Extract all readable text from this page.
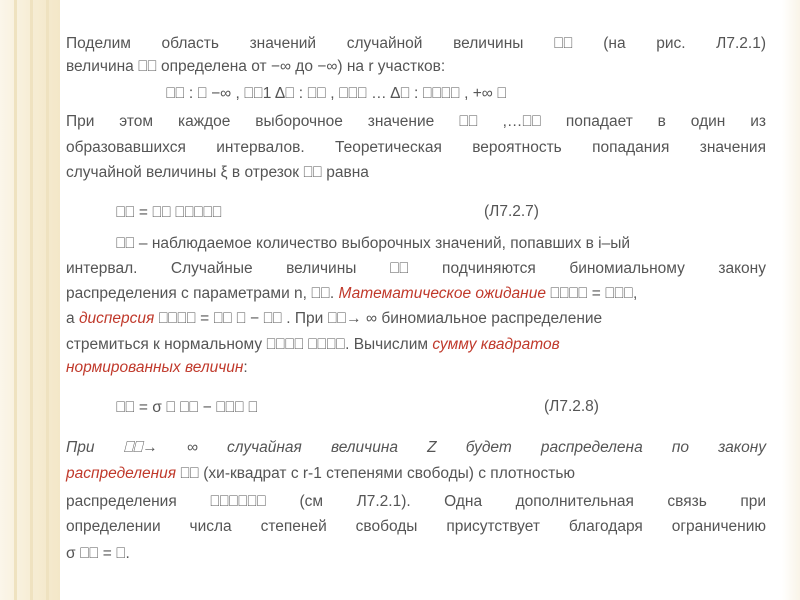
Поделим область значений случайной величины ⎕⎕ (на рис. Л7.2.1)
величина ⎕⎕ определена от −∞ до −∞) на r участков:
⎕⎕ : ⎕ −∞ , ⎕⎕1 Δ⎕ : ⎕⎕ , ⎕⎕⎕ … Δ⎕ : ⎕⎕⎕⎕ , +∞ ⎕
При этом каждое выборочное значение ⎕⎕ ,…⎕⎕ попадает в один из
образовавшихся интервалов. Теоретическая вероятность попадания значения
случайной величины ξ в отрезок ⎕⎕ равна
⎕⎕ = ⎕⎕ ⎕⎕⎕⎕⎕	(Л7.2.7)
⎕⎕ – наблюдаемое количество выборочных значений, попавших в i–ый
интервал. Случайные величины ⎕⎕ подчиняются биномиальному закону
распределения с параметрами n, ⎕⎕. Математическое ожидание ⎕⎕⎕⎕ = ⎕⎕⎕,
а дисперсия ⎕⎕⎕⎕ = ⎕⎕ ⎕ − ⎕⎕ . При ⎕⎕→ ∞ биномиальное распределение
стремиться к нормальному ⎕⎕⎕⎕ ⎕⎕⎕⎕. Вычислим сумму квадратов
нормированных величин:
⎕⎕ = σ ⎕ ⎕⎕ − ⎕⎕⎕ ⎕	(Л7.2.8)
При ⎕⎕→ ∞ случайная величина Z будет распределена по закону
распределения ⎕⎕ (хи-квадрат с r-1 степенями свободы) с плотностью
распределения ⎕⎕⎕⎕⎕⎕ (см Л7.2.1). Одна дополнительная связь при
определении числа степеней свободы присутствует благодаря ограничению
σ ⎕⎕ = ⎕.
